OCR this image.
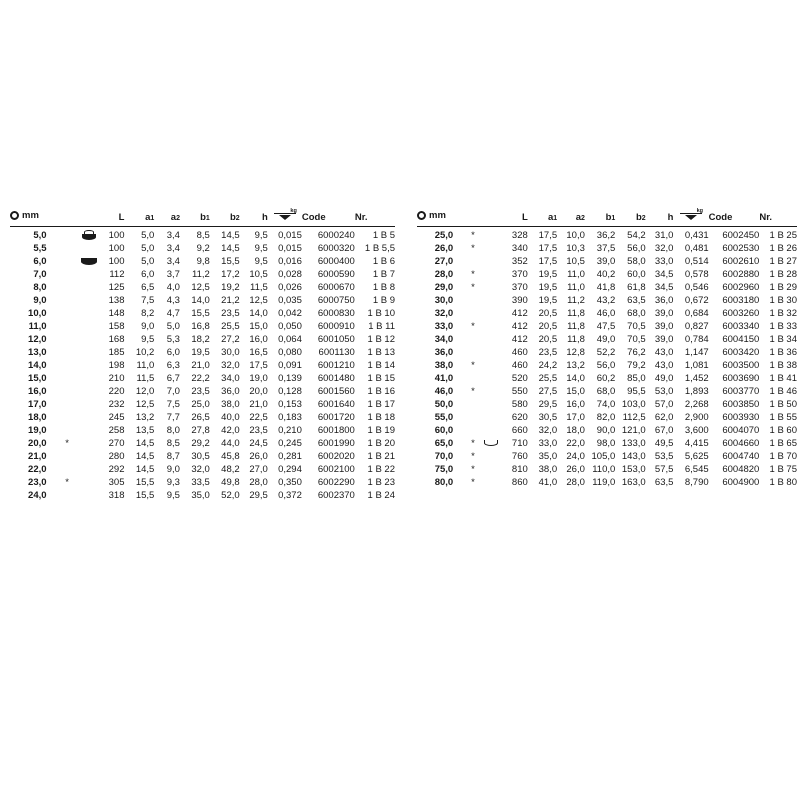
mm			L	a1	a2	b1	b2	h	kg	Code	Nr.
5,0			100	5,0	3,4	8,5	14,5	9,5	0,015	6000240	1 B 5
5,5			100	5,0	3,4	9,2	14,5	9,5	0,015	6000320	1 B 5,5
6,0			100	5,0	3,4	9,8	15,5	9,5	0,016	6000400	1 B 6
7,0			112	6,0	3,7	11,2	17,2	10,5	0,028	6000590	1 B 7
8,0			125	6,5	4,0	12,5	19,2	11,5	0,026	6000670	1 B 8
9,0			138	7,5	4,3	14,0	21,2	12,5	0,035	6000750	1 B 9
10,0			148	8,2	4,7	15,5	23,5	14,0	0,042	6000830	1 B 10
11,0			158	9,0	5,0	16,8	25,5	15,0	0,050	6000910	1 B 11
12,0			168	9,5	5,3	18,2	27,2	16,0	0,064	6001050	1 B 12
13,0			185	10,2	6,0	19,5	30,0	16,5	0,080	6001130	1 B 13
14,0			198	11,0	6,3	21,0	32,0	17,5	0,091	6001210	1 B 14
15,0			210	11,5	6,7	22,2	34,0	19,0	0,139	6001480	1 B 15
16,0			220	12,0	7,0	23,5	36,0	20,0	0,128	6001560	1 B 16
17,0			232	12,5	7,5	25,0	38,0	21,0	0,153	6001640	1 B 17
18,0			245	13,2	7,7	26,5	40,0	22,5	0,183	6001720	1 B 18
19,0			258	13,5	8,0	27,8	42,0	23,5	0,210	6001800	1 B 19
20,0	*		270	14,5	8,5	29,2	44,0	24,5	0,245	6001990	1 B 20
21,0			280	14,5	8,7	30,5	45,8	26,0	0,281	6002020	1 B 21
22,0			292	14,5	9,0	32,0	48,2	27,0	0,294	6002100	1 B 22
23,0	*		305	15,5	9,3	33,5	49,8	28,0	0,350	6002290	1 B 23
24,0			318	15,5	9,5	35,0	52,0	29,5	0,372	6002370	1 B 24
mm			L	a1	a2	b1	b2	h	kg	Code	Nr.
25,0	*		328	17,5	10,0	36,2	54,2	31,0	0,431	6002450	1 B 25
26,0	*		340	17,5	10,3	37,5	56,0	32,0	0,481	6002530	1 B 26
27,0			352	17,5	10,5	39,0	58,0	33,0	0,514	6002610	1 B 27
28,0	*		370	19,5	11,0	40,2	60,0	34,5	0,578	6002880	1 B 28
29,0	*		370	19,5	11,0	41,8	61,8	34,5	0,546	6002960	1 B 29
30,0			390	19,5	11,2	43,2	63,5	36,0	0,672	6003180	1 B 30
32,0			412	20,5	11,8	46,0	68,0	39,0	0,684	6003260	1 B 32
33,0	*		412	20,5	11,8	47,5	70,5	39,0	0,827	6003340	1 B 33
34,0			412	20,5	11,8	49,0	70,5	39,0	0,784	6004150	1 B 34
36,0			460	23,5	12,8	52,2	76,2	43,0	1,147	6003420	1 B 36
38,0	*		460	24,2	13,2	56,0	79,2	43,0	1,081	6003500	1 B 38
41,0			520	25,5	14,0	60,2	85,0	49,0	1,452	6003690	1 B 41
46,0	*		550	27,5	15,0	68,0	95,5	53,0	1,893	6003770	1 B 46
50,0			580	29,5	16,0	74,0	103,0	57,0	2,268	6003850	1 B 50
55,0			620	30,5	17,0	82,0	112,5	62,0	2,900	6003930	1 B 55
60,0			660	32,0	18,0	90,0	121,0	67,0	3,600	6004070	1 B 60
65,0	*		710	33,0	22,0	98,0	133,0	49,5	4,415	6004660	1 B 65
70,0	*		760	35,0	24,0	105,0	143,0	53,5	5,625	6004740	1 B 70
75,0	*		810	38,0	26,0	110,0	153,0	57,5	6,545	6004820	1 B 75
80,0	*		860	41,0	28,0	119,0	163,0	63,5	8,790	6004900	1 B 80
